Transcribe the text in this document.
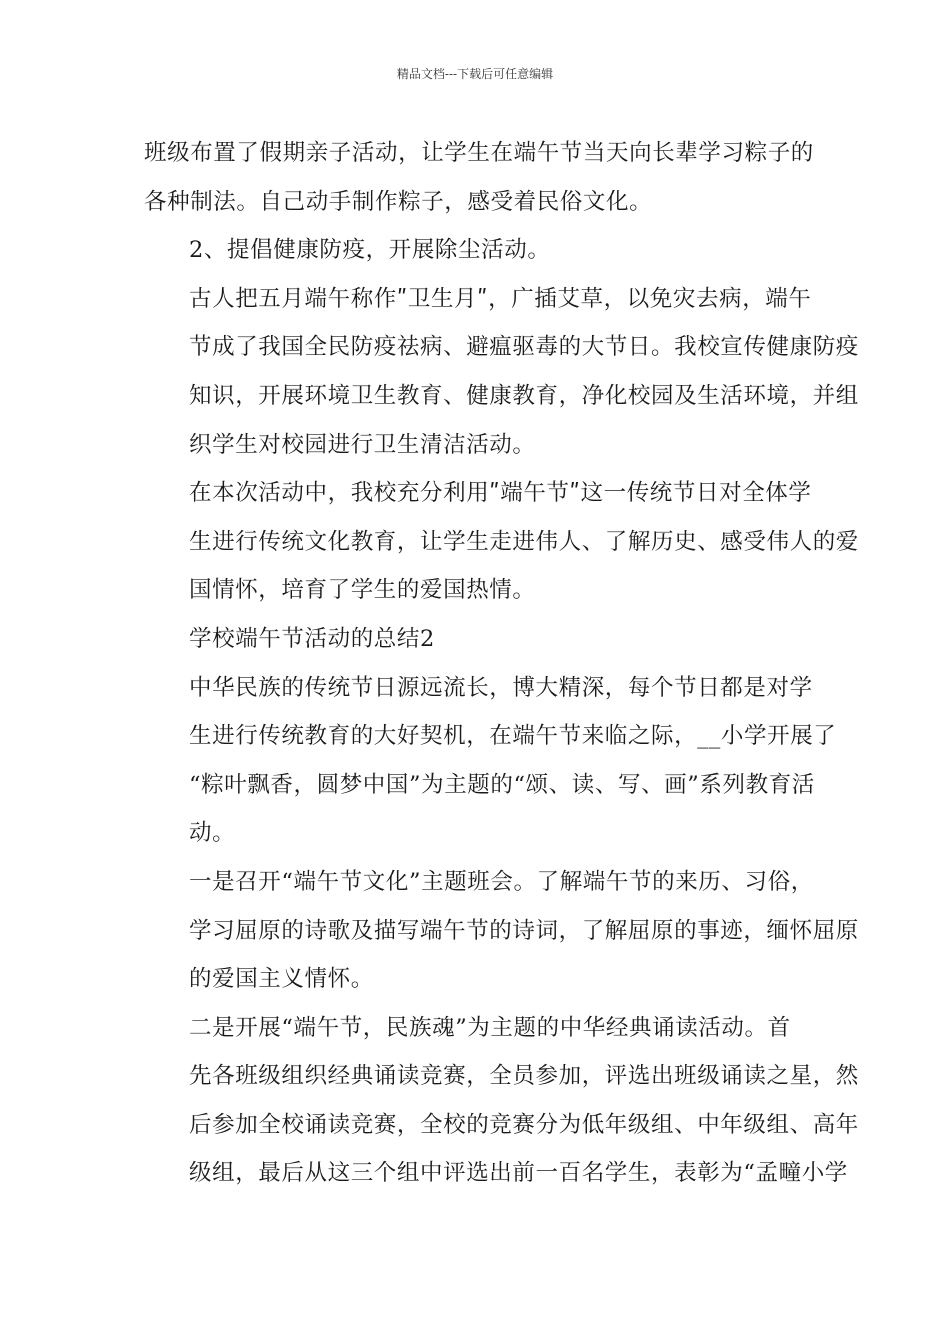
精品文档---下载后可任意编辑

班级布置了假期亲子活动，让学生在端午节当天向长辈学习粽子的
各种制法。自己动手制作粽子，感受着民俗文化。

2、提倡健康防疫，开展除尘活动。

古人把五月端午称作ʺ卫生月ʺ，广插艾草，以免灾去病，端午
节成了我国全民防疫祛病、避瘟驱毒的大节日。我校宣传健康防疫
知识，开展环境卫生教育、健康教育，净化校园及生活环境，并组
织学生对校园进行卫生清洁活动。

在本次活动中，我校充分利用ʺ端午节ʺ这一传统节日对全体学
生进行传统文化教育，让学生走进伟人、了解历史、感受伟人的爱
国情怀，培育了学生的爱国热情。

学校端午节活动的总结2

中华民族的传统节日源远流长，博大精深，每个节日都是对学
生进行传统教育的大好契机，在端午节来临之际，__小学开展了
“粽叶飘香，圆梦中国”为主题的“颂、读、写、画”系列教育活
动。

一是召开“端午节文化”主题班会。了解端午节的来历、习俗，
学习屈原的诗歌及描写端午节的诗词，了解屈原的事迹，缅怀屈原
的爱国主义情怀。

二是开展“端午节，民族魂”为主题的中华经典诵读活动。首
先各班级组织经典诵读竞赛，全员参加，评选出班级诵读之星，然
后参加全校诵读竞赛，全校的竞赛分为低年级组、中年级组、高年
级组，最后从这三个组中评选出前一百名学生，表彰为“孟疃小学
